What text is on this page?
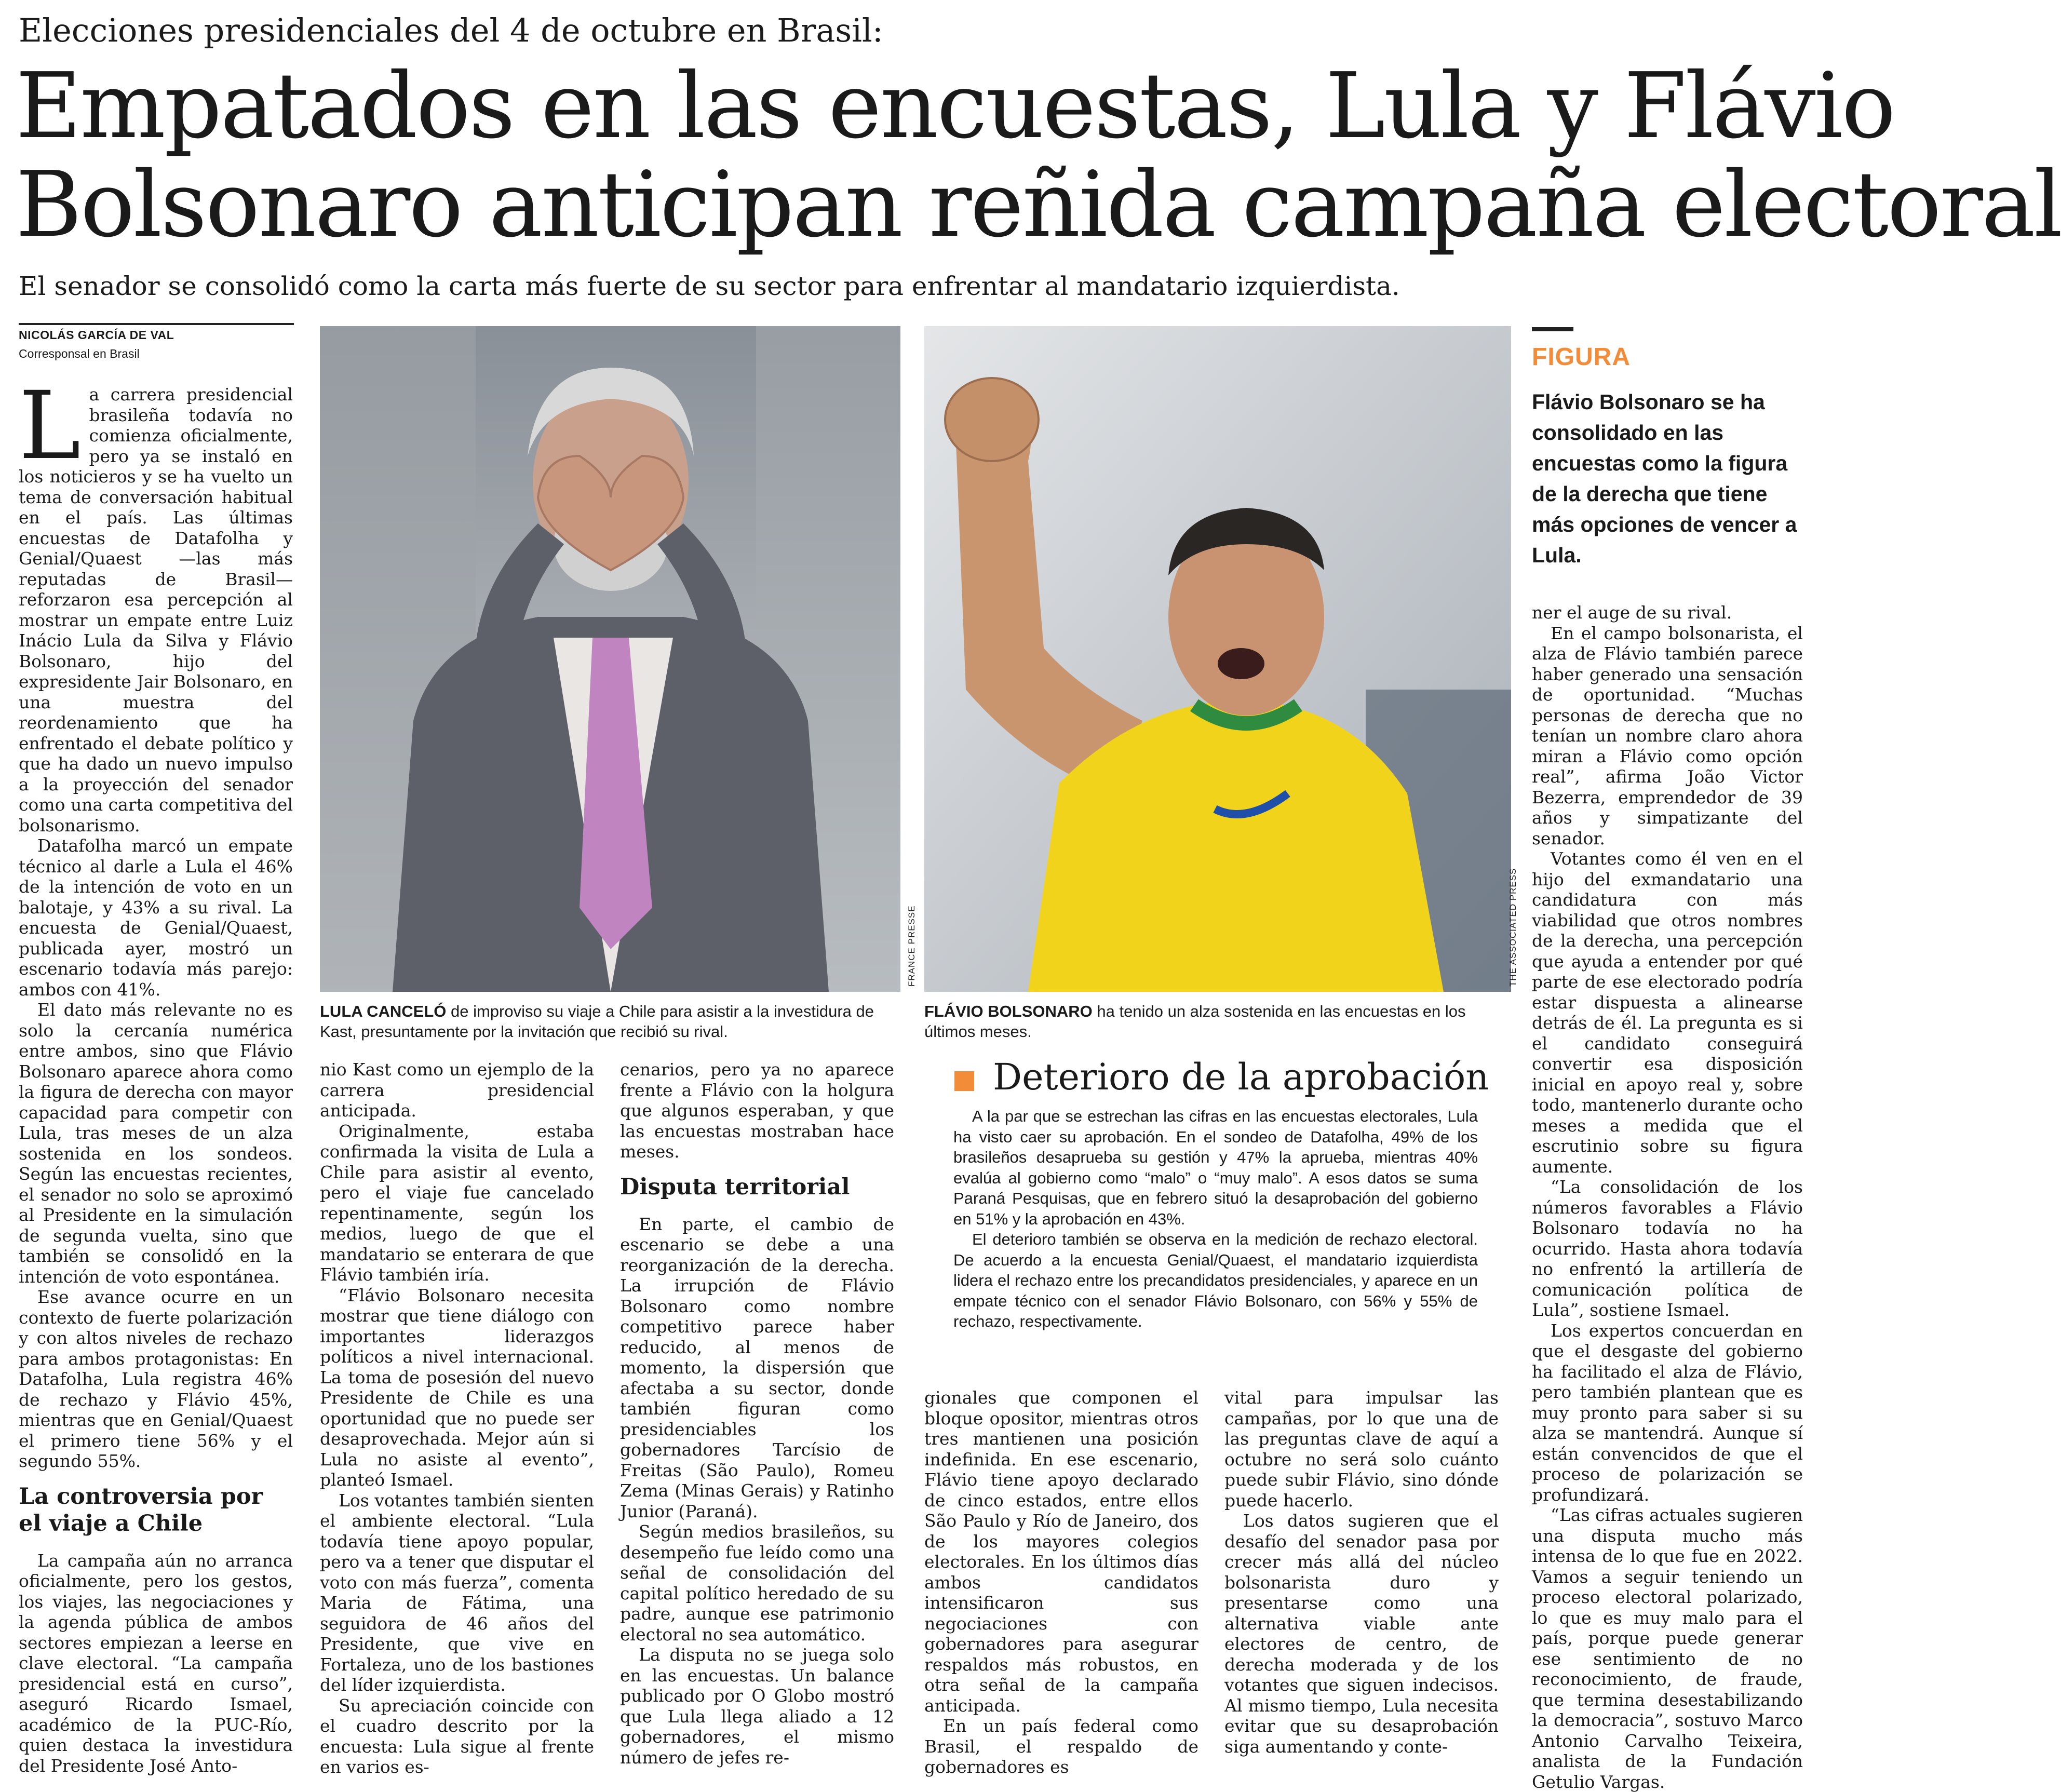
Elecciones presidenciales del 4 de octubre en Brasil:
Empatados en las encuestas, Lula y Flávio
Bolsonaro anticipan reñida campaña electoral
El senador se consolidó como la carta más fuerte de su sector para enfrentar al mandatario izquierdista.
NICOLÁS GARCÍA DE VAL
Corresponsal en Brasil
L a carrera presidencial brasileña todavía no comienza oficialmente, pero ya se instaló en los noticieros y se ha vuelto un tema de conversación habitual en el país. Las últimas encuestas de Datafolha y Genial/Quaest —las más reputadas de Brasil— reforzaron esa percepción al mostrar un empate entre Luiz Inácio Lula da Silva y Flávio Bolsonaro, hijo del expresidente Jair Bolsonaro, en una muestra del reordenamiento que ha enfrentado el debate político y que ha dado un nuevo impulso a la proyección del senador como una carta competitiva del bolsonarismo.

Datafolha marcó un empate técnico al darle a Lula el 46% de la intención de voto en un balotaje, y 43% a su rival. La encuesta de Genial/Quaest, publicada ayer, mostró un escenario todavía más parejo: ambos con 41%.

El dato más relevante no es solo la cercanía numérica entre ambos, sino que Flávio Bolsonaro aparece ahora como la figura de derecha con mayor capacidad para competir con Lula, tras meses de un alza sostenida en los sondeos. Según las encuestas recientes, el senador no solo se aproximó al Presidente en la simulación de segunda vuelta, sino que también se consolidó en la intención de voto espontánea.

Ese avance ocurre en un contexto de fuerte polarización y con altos niveles de rechazo para ambos protagonistas: En Datafolha, Lula registra 46% de rechazo y Flávio 45%, mientras que en Genial/Quaest el primero tiene 56% y el segundo 55%.

La controversia por el viaje a Chile

La campaña aún no arranca oficialmente, pero los gestos, los viajes, las negociaciones y la agenda pública de ambos sectores empiezan a leerse en clave electoral. “La campaña presidencial está en curso”, aseguró Ricardo Ismael, académico de la PUC-Río, quien destaca la investidura del Presidente José Anto-

FRANCE PRESSE
LULA CANCELÓ de improviso su viaje a Chile para asistir a la investidura de Kast, presuntamente por la invitación que recibió su rival.
THE ASSOCIATED PRESS
FLÁVIO BOLSONARO ha tenido un alza sostenida en las encuestas en los últimos meses.
FIGURA
Flávio Bolsonaro se ha consolidado en las encuestas como la figura de la derecha que tiene más opciones de vencer a Lula.

nio Kast como un ejemplo de la carrera presidencial anticipada.

Originalmente, estaba confirmada la visita de Lula a Chile para asistir al evento, pero el viaje fue cancelado repentinamente, según los medios, luego de que el mandatario se enterara de que Flávio también iría.

“Flávio Bolsonaro necesita mostrar que tiene diálogo con importantes liderazgos políticos a nivel internacional. La toma de posesión del nuevo Presidente de Chile es una oportunidad que no puede ser desaprovechada. Mejor aún si Lula no asiste al evento”, planteó Ismael.

Los votantes también sienten el ambiente electoral. “Lula todavía tiene apoyo popular, pero va a tener que disputar el voto con más fuerza”, comenta Maria de Fátima, una seguidora de 46 años del Presidente, que vive en Fortaleza, uno de los bastiones del líder izquierdista.

Su apreciación coincide con el cuadro descrito por la encuesta: Lula sigue al frente en varios es-

cenarios, pero ya no aparece frente a Flávio con la holgura que algunos esperaban, y que las encuestas mostraban hace meses.

Disputa territorial

En parte, el cambio de escenario se debe a una reorganización de la derecha. La irrupción de Flávio Bolsonaro como nombre competitivo parece haber reducido, al menos de momento, la dispersión que afectaba a su sector, donde también figuran como presidenciables los gobernadores Tarcísio de Freitas (São Paulo), Romeu Zema (Minas Gerais) y Ratinho Junior (Paraná).

Según medios brasileños, su desempeño fue leído como una señal de consolidación del capital político heredado de su padre, aunque ese patrimonio electoral no sea automático.

La disputa no se juega solo en las encuestas. Un balance publicado por O Globo mostró que Lula llega aliado a 12 gobernadores, el mismo número de jefes re-

Deterioro de la aprobación

A la par que se estrechan las cifras en las encuestas electorales, Lula ha visto caer su aprobación. En el sondeo de Datafolha, 49% de los brasileños desaprueba su gestión y 47% la aprueba, mientras 40% evalúa al gobierno como “malo” o “muy malo”. A esos datos se suma Paraná Pesquisas, que en febrero situó la desaprobación del gobierno en 51% y la aprobación en 43%.

El deterioro también se observa en la medición de rechazo electoral. De acuerdo a la encuesta Genial/Quaest, el mandatario izquierdista lidera el rechazo entre los precandidatos presidenciales, y aparece en un empate técnico con el senador Flávio Bolsonaro, con 56% y 55% de rechazo, respectivamente.

gionales que componen el bloque opositor, mientras otros tres mantienen una posición indefinida. En ese escenario, Flávio tiene apoyo declarado de cinco estados, entre ellos São Paulo y Río de Janeiro, dos de los mayores colegios electorales. En los últimos días ambos candidatos intensificaron sus negociaciones con gobernadores para asegurar respaldos más robustos, en otra señal de la campaña anticipada.

En un país federal como Brasil, el respaldo de gobernadores es

vital para impulsar las campañas, por lo que una de las preguntas clave de aquí a octubre no será solo cuánto puede subir Flávio, sino dónde puede hacerlo.

Los datos sugieren que el desafío del senador pasa por crecer más allá del núcleo bolsonarista duro y presentarse como una alternativa viable ante electores de centro, de derecha moderada y de los votantes que siguen indecisos. Al mismo tiempo, Lula necesita evitar que su desaprobación siga aumentando y conte-

ner el auge de su rival.

En el campo bolsonarista, el alza de Flávio también parece haber generado una sensación de oportunidad. “Muchas personas de derecha que no tenían un nombre claro ahora miran a Flávio como opción real”, afirma João Victor Bezerra, emprendedor de 39 años y simpatizante del senador.

Votantes como él ven en el hijo del exmandatario una candidatura con más viabilidad que otros nombres de la derecha, una percepción que ayuda a entender por qué parte de ese electorado podría estar dispuesta a alinearse detrás de él. La pregunta es si el candidato conseguirá convertir esa disposición inicial en apoyo real y, sobre todo, mantenerlo durante ocho meses a medida que el escrutinio sobre su figura aumente.

“La consolidación de los números favorables a Flávio Bolsonaro todavía no ha ocurrido. Hasta ahora todavía no enfrentó la artillería de comunicación política de Lula”, sostiene Ismael.

Los expertos concuerdan en que el desgaste del gobierno ha facilitado el alza de Flávio, pero también plantean que es muy pronto para saber si su alza se mantendrá. Aunque sí están convencidos de que el proceso de polarización se profundizará.

“Las cifras actuales sugieren una disputa mucho más intensa de lo que fue en 2022. Vamos a seguir teniendo un proceso electoral polarizado, lo que es muy malo para el país, porque puede generar ese sentimiento de no reconocimiento, de fraude, que termina desestabilizando la democracia”, sostuvo Marco Antonio Carvalho Teixeira, analista de la Fundación Getulio Vargas.
